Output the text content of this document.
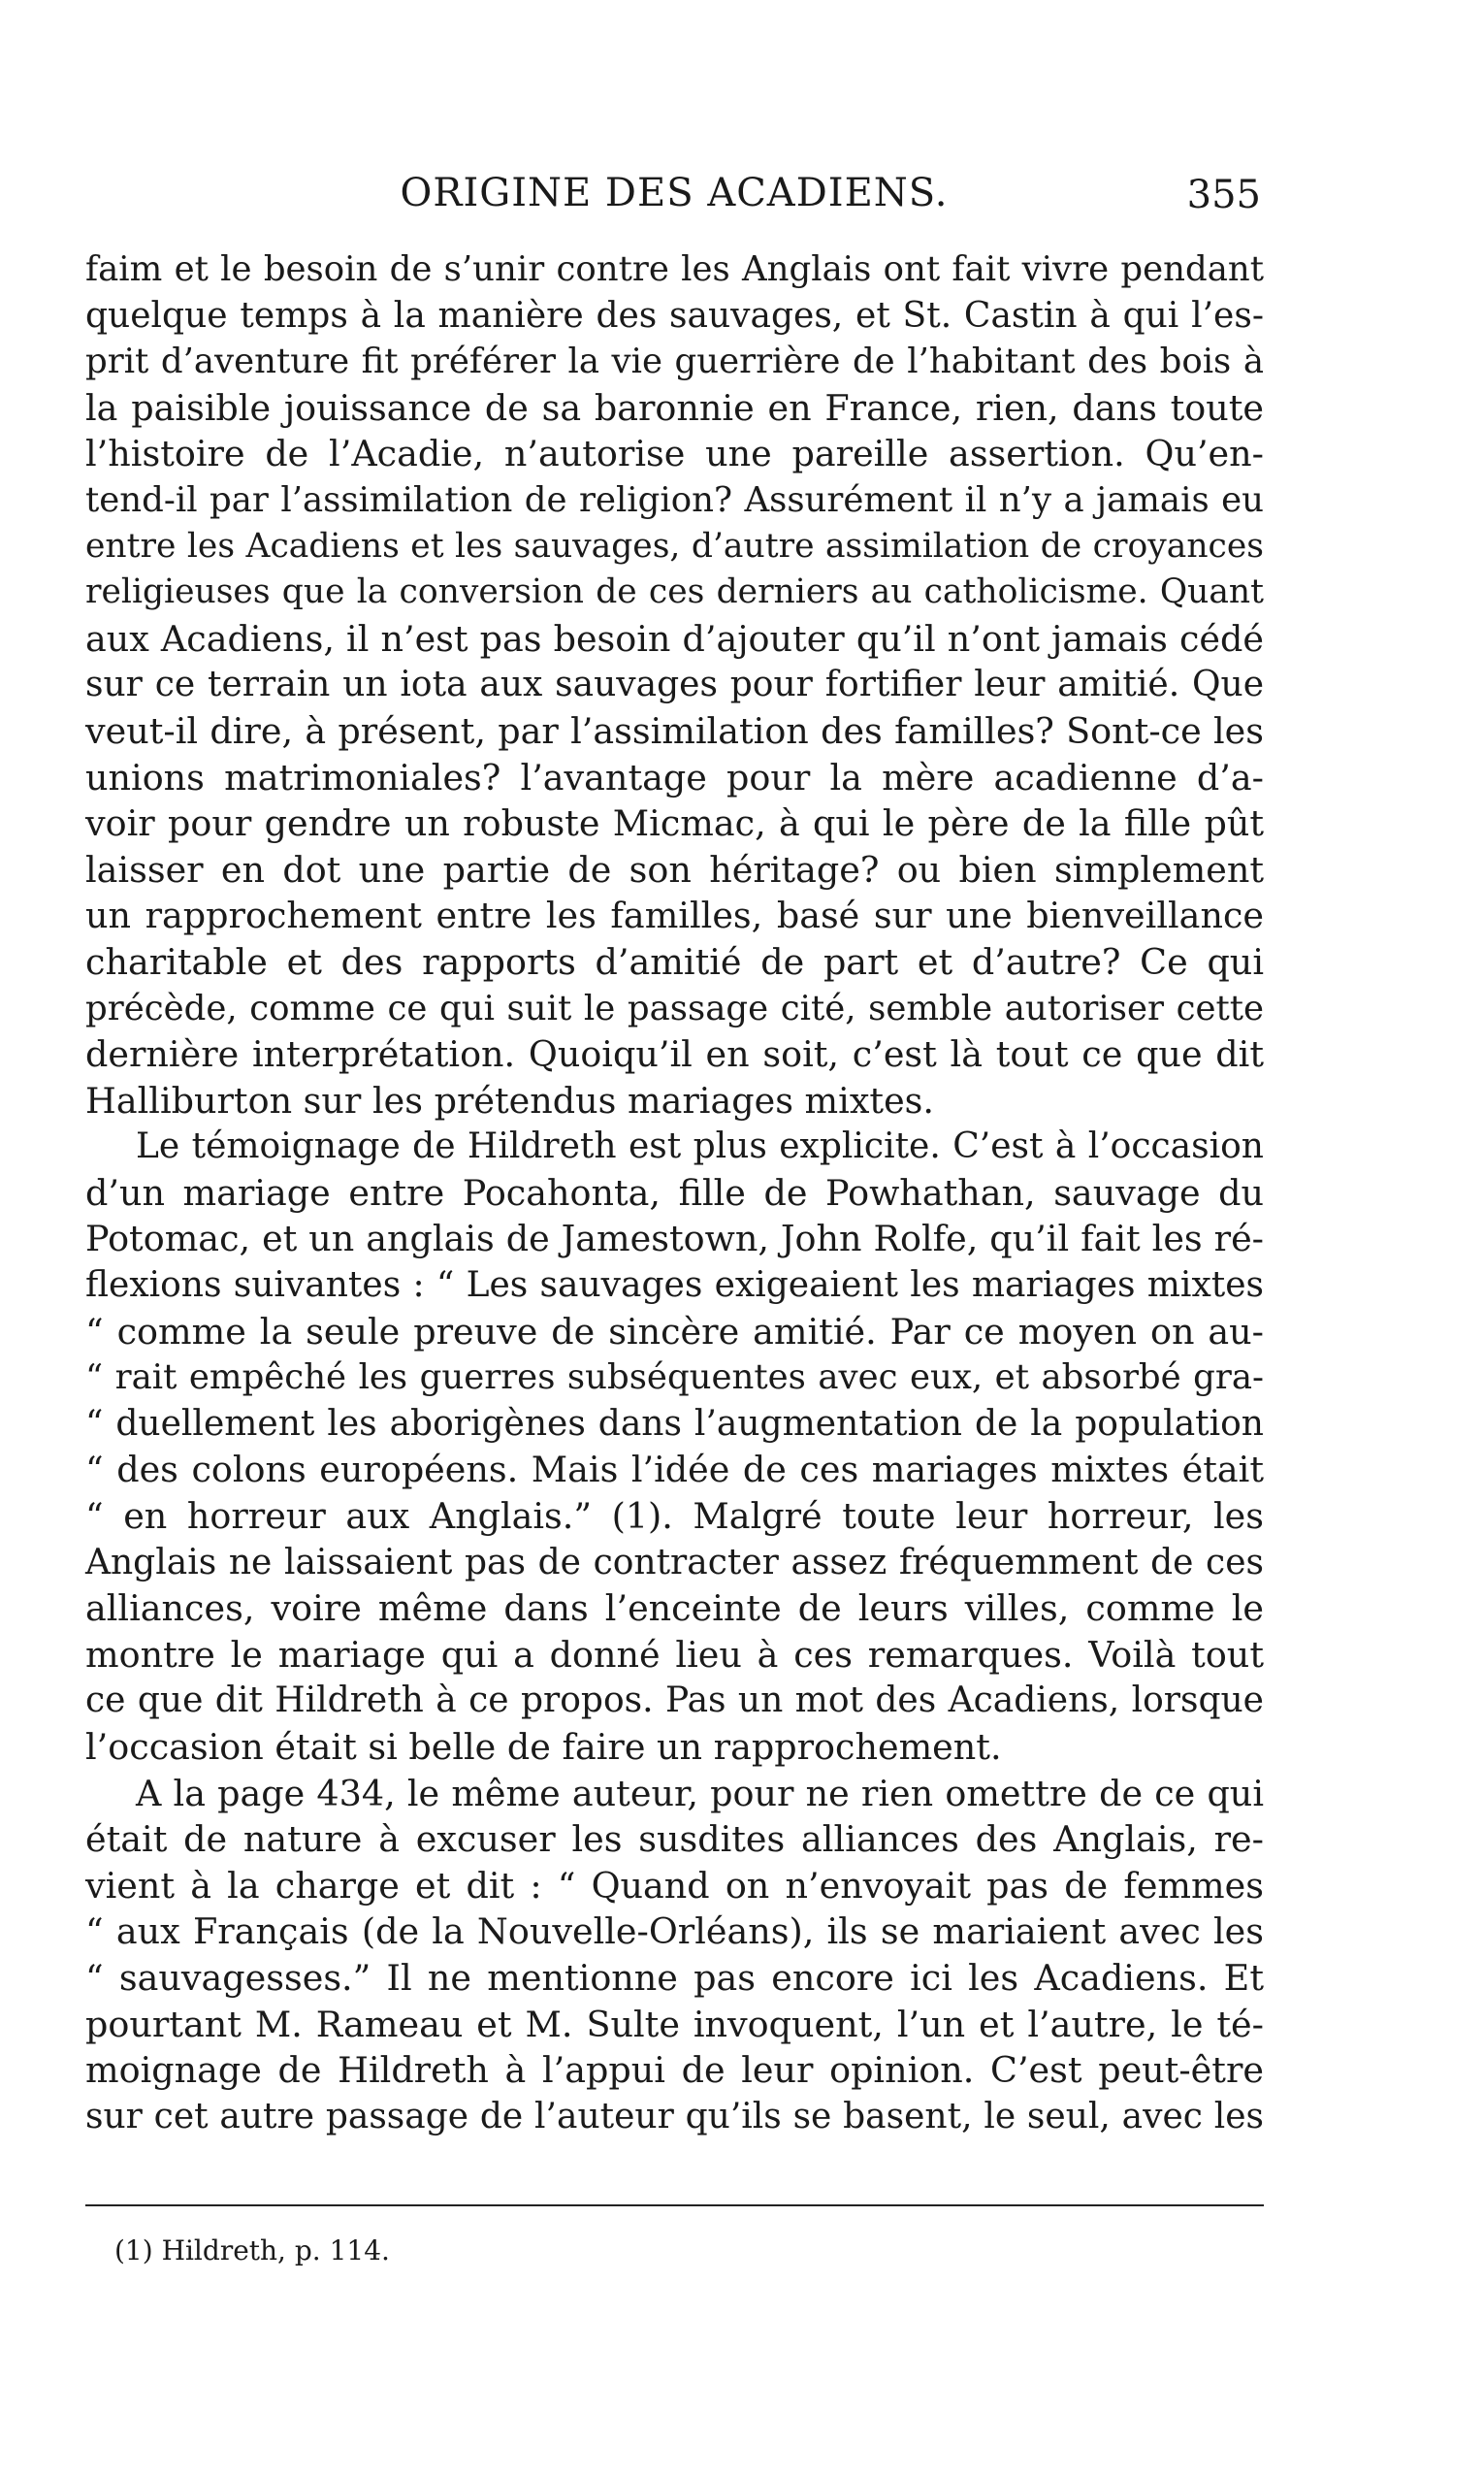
ORIGINE DES ACADIENS.	355
faim et le besoin de s’unir contre les Anglais ont fait vivre pendant
quelque temps à la manière des sauvages, et St. Castin à qui l’es-
prit d’aventure fit préférer la vie guerrière de l’habitant des bois à
la paisible jouissance de sa baronnie en France, rien, dans toute
l’histoire de l’Acadie, n’autorise une pareille assertion. Qu’en-
tend-il par l’assimilation de religion? Assurément il n’y a jamais eu
entre les Acadiens et les sauvages, d’autre assimilation de croyances
religieuses que la conversion de ces derniers au catholicisme. Quant
aux Acadiens, il n’est pas besoin d’ajouter qu’il n’ont jamais cédé
sur ce terrain un iota aux sauvages pour fortifier leur amitié. Que
veut-il dire, à présent, par l’assimilation des familles? Sont-ce les
unions matrimoniales? l’avantage pour la mère acadienne d’a-
voir pour gendre un robuste Micmac, à qui le père de la fille pût
laisser en dot une partie de son héritage? ou bien simplement
un rapprochement entre les familles, basé sur une bienveillance
charitable et des rapports d’amitié de part et d’autre? Ce qui
précède, comme ce qui suit le passage cité, semble autoriser cette
dernière interprétation. Quoiqu’il en soit, c’est là tout ce que dit
Halliburton sur les prétendus mariages mixtes.
Le témoignage de Hildreth est plus explicite. C’est à l’occasion
d’un mariage entre Pocahonta, fille de Powhathan, sauvage du
Potomac, et un anglais de Jamestown, John Rolfe, qu’il fait les ré-
flexions suivantes : “ Les sauvages exigeaient les mariages mixtes
“ comme la seule preuve de sincère amitié. Par ce moyen on au-
“ rait empêché les guerres subséquentes avec eux, et absorbé gra-
“ duellement les aborigènes dans l’augmentation de la population
“ des colons européens. Mais l’idée de ces mariages mixtes était
“ en horreur aux Anglais.” (1). Malgré toute leur horreur, les
Anglais ne laissaient pas de contracter assez fréquemment de ces
alliances, voire même dans l’enceinte de leurs villes, comme le
montre le mariage qui a donné lieu à ces remarques. Voilà tout
ce que dit Hildreth à ce propos. Pas un mot des Acadiens, lorsque
l’occasion était si belle de faire un rapprochement.
A la page 434, le même auteur, pour ne rien omettre de ce qui
était de nature à excuser les susdites alliances des Anglais, re-
vient à la charge et dit : “ Quand on n’envoyait pas de femmes
“ aux Français (de la Nouvelle-Orléans), ils se mariaient avec les
“ sauvagesses.” Il ne mentionne pas encore ici les Acadiens. Et
pourtant M. Rameau et M. Sulte invoquent, l’un et l’autre, le té-
moignage de Hildreth à l’appui de leur opinion. C’est peut-être
sur cet autre passage de l’auteur qu’ils se basent, le seul, avec les
(1) Hildreth, p. 114.
